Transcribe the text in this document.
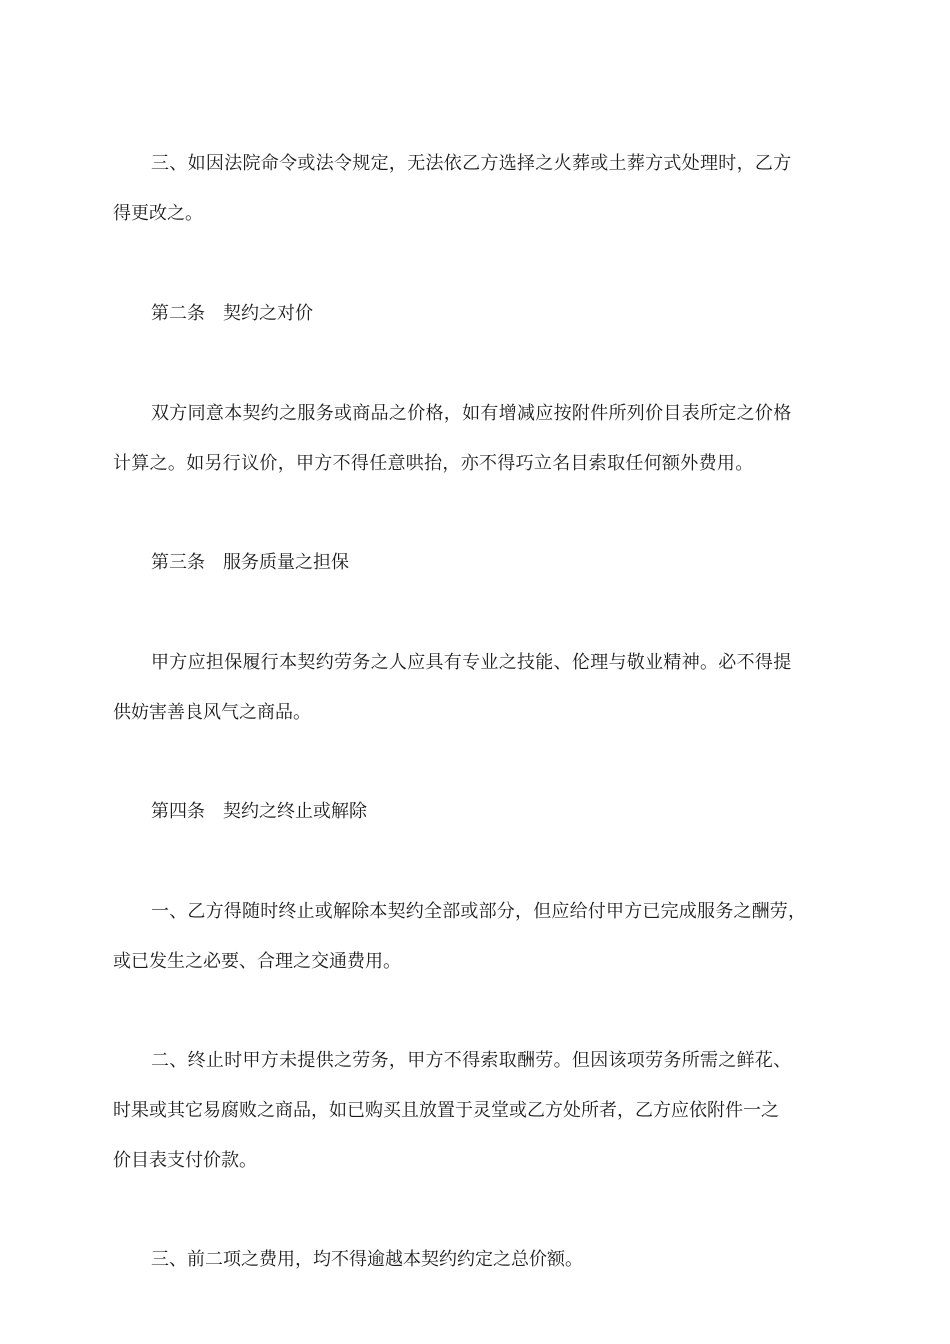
三、如因法院命令或法令规定，无法依乙方选择之火葬或土葬方式处理时，乙方
得更改之。
第二条　契约之对价
双方同意本契约之服务或商品之价格，如有增减应按附件所列价目表所定之价格
计算之。如另行议价，甲方不得任意哄抬，亦不得巧立名目索取任何额外费用。
第三条　服务质量之担保
甲方应担保履行本契约劳务之人应具有专业之技能、伦理与敬业精神。必不得提
供妨害善良风气之商品。
第四条　契约之终止或解除
一、乙方得随时终止或解除本契约全部或部分，但应给付甲方已完成服务之酬劳，
或已发生之必要、合理之交通费用。
二、终止时甲方未提供之劳务，甲方不得索取酬劳。但因该项劳务所需之鲜花、
时果或其它易腐败之商品，如已购买且放置于灵堂或乙方处所者，乙方应依附件一之
价目表支付价款。
三、前二项之费用，均不得逾越本契约约定之总价额。
